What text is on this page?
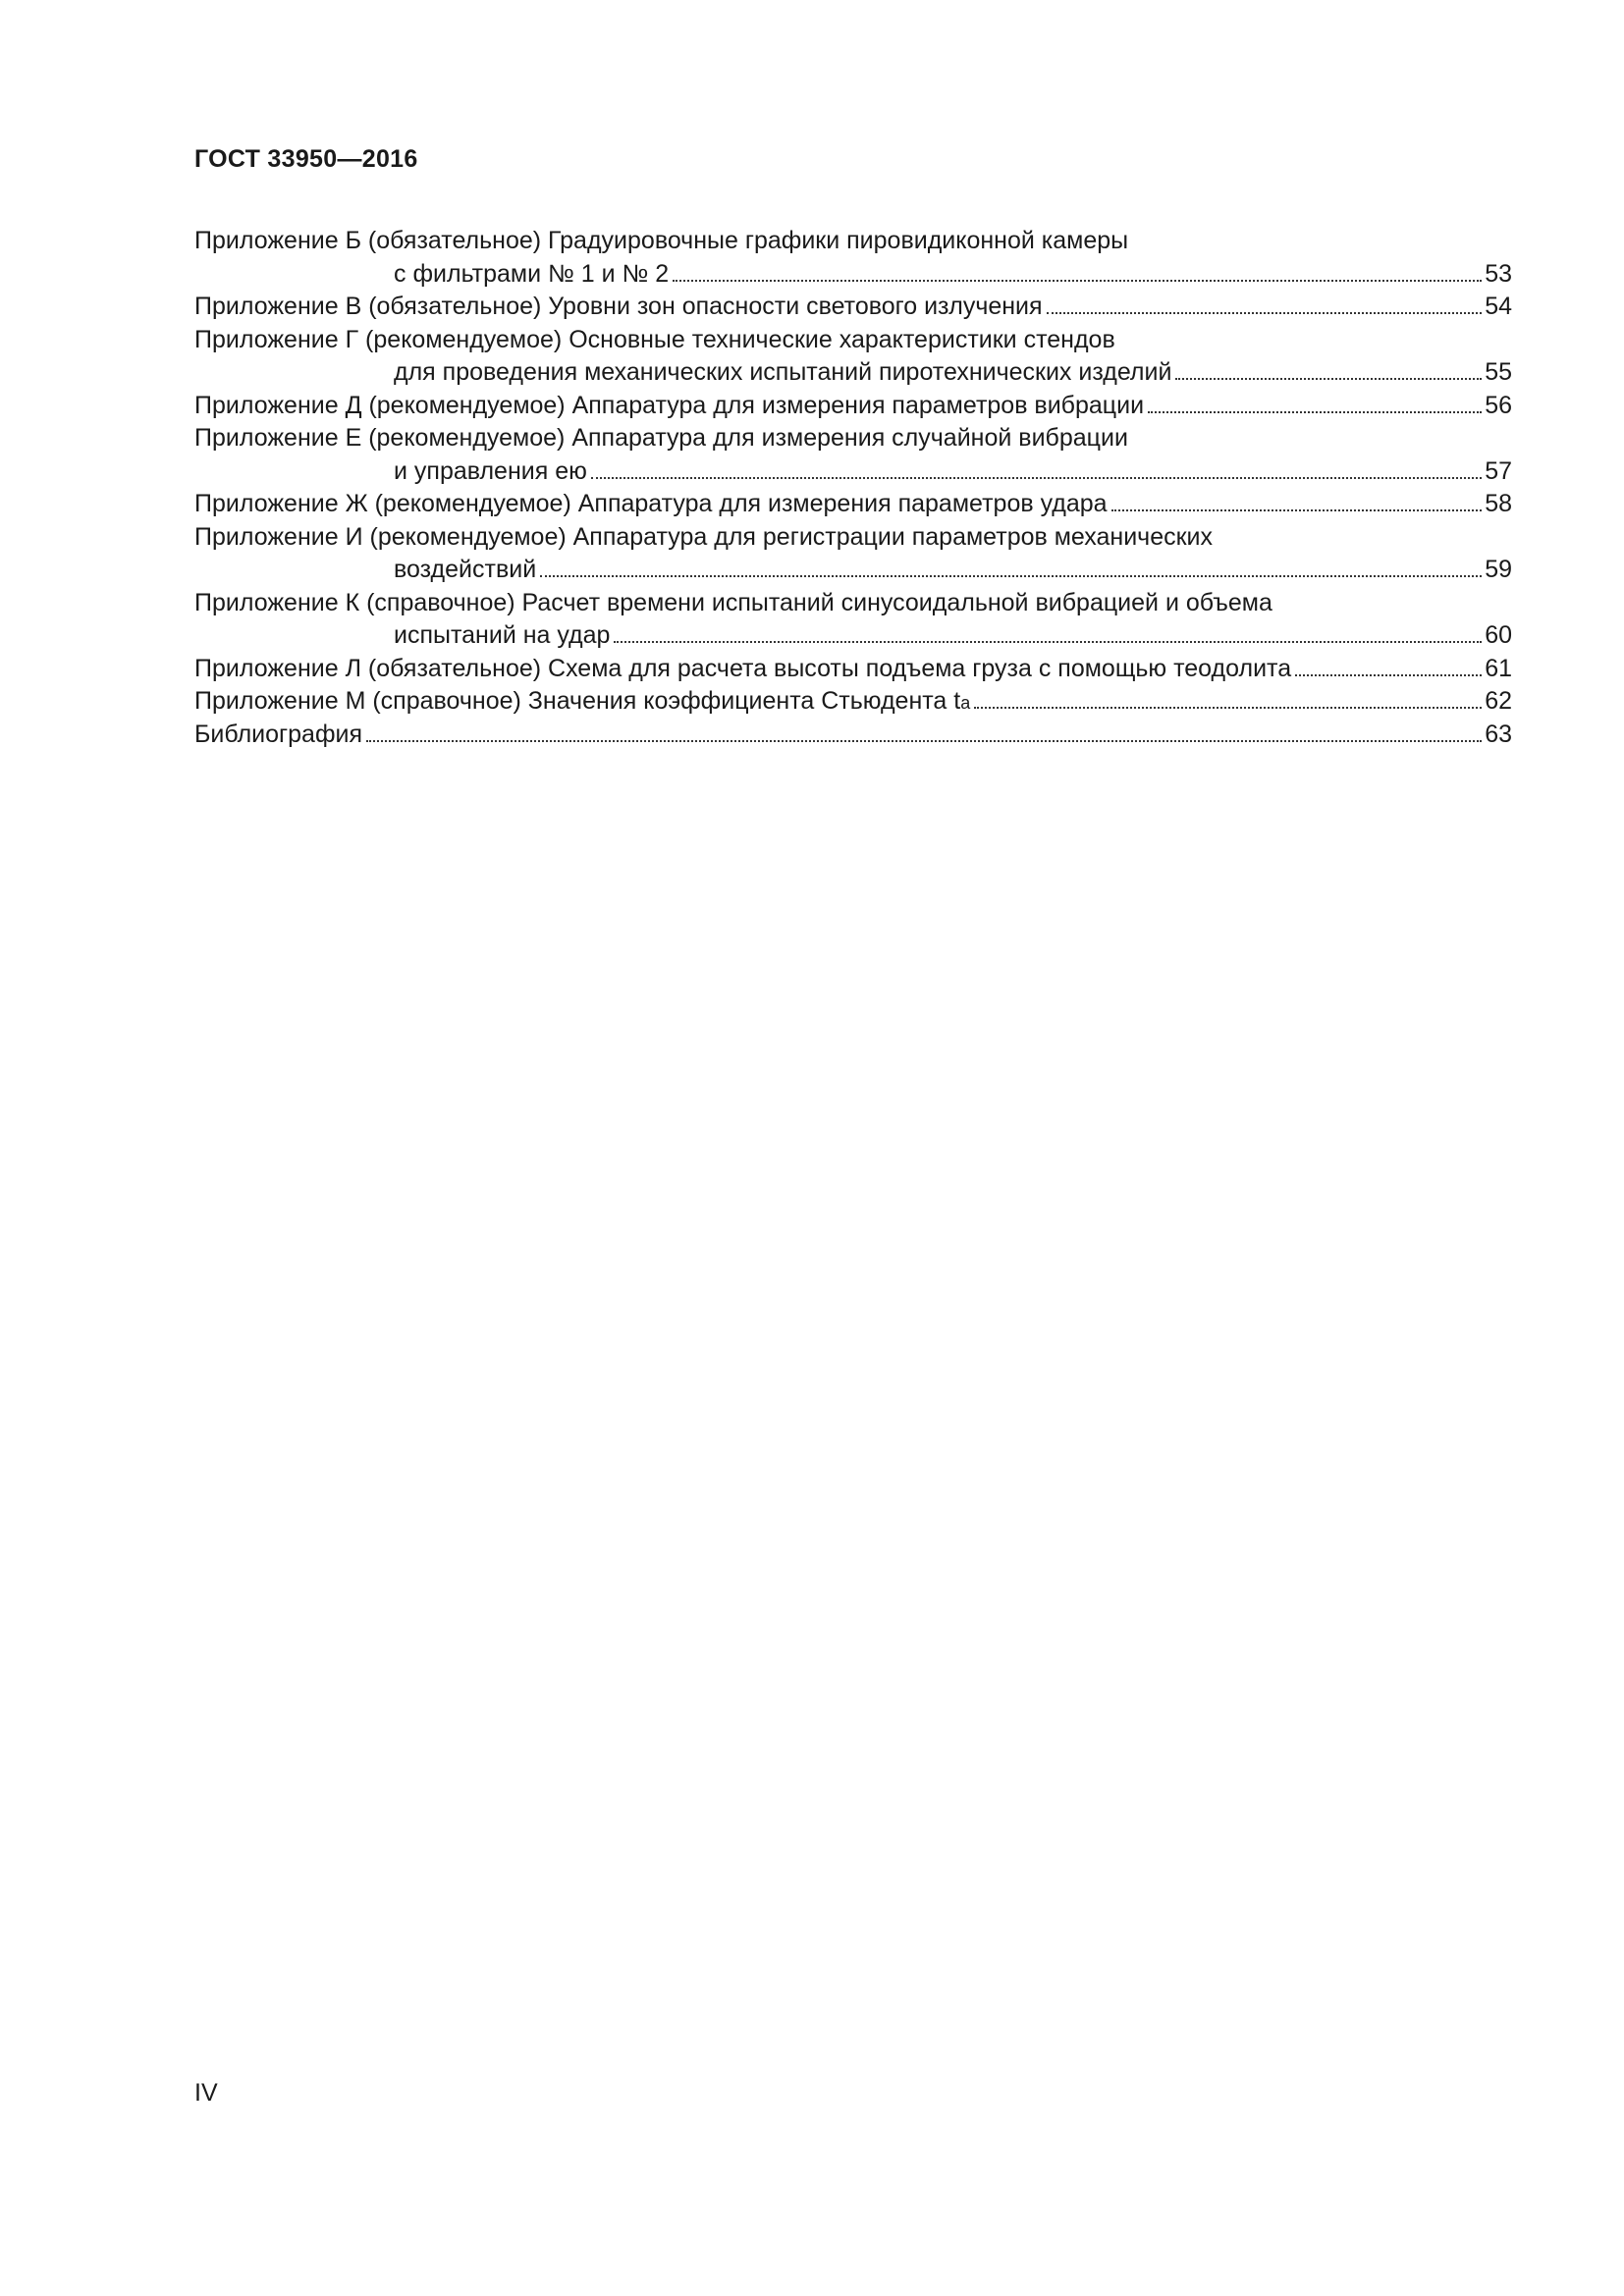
ГОСТ 33950—2016
Приложение Б (обязательное) Градуировочные графики пировидиконной камеры
с фильтрами № 1 и № 2	53
Приложение В (обязательное) Уровни зон опасности светового излучения	54
Приложение Г (рекомендуемое) Основные технические характеристики стендов
для проведения механических испытаний пиротехнических изделий	55
Приложение Д (рекомендуемое) Аппаратура для измерения параметров вибрации	56
Приложение Е (рекомендуемое) Аппаратура для измерения случайной вибрации
и управления ею	57
Приложение Ж (рекомендуемое) Аппаратура для измерения параметров удара	58
Приложение И (рекомендуемое) Аппаратура для регистрации параметров механических
воздействий	59
Приложение К (справочное) Расчет времени испытаний синусоидальной вибрацией и объема
испытаний на удар	60
Приложение Л (обязательное) Схема для расчета высоты подъема груза с помощью теодолита	61
Приложение М (справочное) Значения коэффициента Стьюдента t a	62
Библиография	63
IV
